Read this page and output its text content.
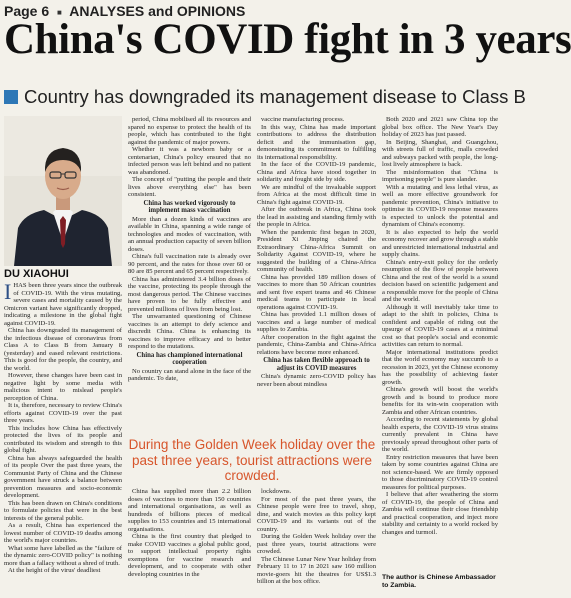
Page 6 ■ ANALYSES and OPINIONS
China's COVID fight in 3 years
Country has downgraded its management disease to Class B
DU XIAOHUI
I HAS been three years since the outbreak of COVID-19. With the virus mutating, severe cases and mortality caused by the Omicron variant have significantly dropped, indicating a milestone in the global fight against COVID-19.

China has downgraded its management of the infectious disease of coronavirus from Class A to Class B from January 8 (yesterday) and eased relevant restrictions. This is good for the people, the country, and the world.

However, these changes have been cast in negative light by some media with malicious intent to mislead people's perception of China.

It is, therefore, necessary to review China's efforts against COVID-19 over the past three years.

This includes how China has effectively protected the lives of its people and contributed its wisdom and strength to this global fight.

China has always safeguarded the health of its people Over the past three years, the Communist Party of China and the Chinese government have struck a balance between prevention measures and socio-economic development.

This has been drawn on China's conditions to formulate policies that were in the best interests of the general public.

As a result, China has experienced the lowest number of COVID-19 deaths among the world's major countries.

What some have labelled as the "failure of the dynamic zero-COVID policy" is nothing more than a fallacy without a shred of truth.

At the height of the virus' deadliest

period, China mobilised all its resources and spared no expense to protect the health of its people, which has contributed to the fight against the pandemic of major powers.

Whether it was a newborn baby or a centenarian, China's policy ensured that no infected person was left behind and no patient was abandoned.

The concept of "putting the people and their lives above everything else" has been consistent.

China has worked vigorously to implement mass vaccination

More than a dozen kinds of vaccines are available in China, spanning a wide range of technologies and modes of vaccination, with an annual production capacity of seven billion doses.

China's full vaccination rate is already over 90 percent, and the rates for those over 60 or 80 are 85 percent and 65 percent respectively.

China has administered 3.4 billion doses of the vaccine, protecting its people through the most dangerous period. The Chinese vaccines have proven to be fully effective and prevented millions of lives from being lost.

The unwarranted questioning of Chinese vaccines is an attempt to defy science and discredit China. China is enhancing its vaccines to improve efficacy and to better respond to the mutations.

China has championed international cooperation

No country can stand alone in the face of the pandemic. To date,

vaccine manufacturing process.

In this way, China has made important contributions to address the distribution deficit and the immunisation gap, demonstrating its commitment to fulfilling its international responsibility.

In the face of the COVID-19 pandemic, China and Africa have stood together in solidarity and fought side by side.

We are mindful of the invaluable support from Africa at the most difficult time in China's fight against COVID-19.

After the outbreak in Africa, China took the lead in assisting and standing firmly with the people in Africa.

When the pandemic first began in 2020, President Xi Jinping chaired the Extraordinary China-Africa Summit on Solidarity Against COVID-19, where he suggested the building of a China-Africa community of health.

China has provided 189 million doses of vaccines to more than 50 African countries and sent five expert teams and 46 Chinese medical teams to participate in local operations against COVID-19.

China has provided 1.1 million doses of vaccines and a large number of medical supplies to Zambia.

After cooperation in the fight against the pandemic, China-Zambia and China-Africa relations have become more enhanced.

China has taken flexible approach to adjust its COVID measures

China's dynamic zero-COVID policy has never been about mindless

Both 2020 and 2021 saw China top the global box office. The New Year's Day holiday of 2023 has just passed.

In Beijing, Shanghai, and Guangzhou, with streets full of traffic, malls crowded and subways packed with people, the long-lost lively atmosphere is back.

The misinformation that "China is imprisoning people" is pure slander.

With a mutating and less lethal virus, as well as more effective groundwork for pandemic prevention, China's initiative to optimise its COVID-19 response measures is expected to unlock the potential and dynamism of China's economy.

It is also expected to help the world economy recover and grow through a stable and unrestricted international industrial and supply chains.

China's entry-exit policy for the orderly resumption of the flow of people between China and the rest of the world is a sound decision based on scientific judgement and a responsible move for the people of China and the world.

Although it will inevitably take time to adapt to the shift in policies, China is confident and capable of riding out the upsurge of COVID-19 cases at a minimal cost so that people's social and economic activities can return to normal.

Major international institutions predict that the world economy may succumb to a recession in 2023, yet the Chinese economy has the possibility of achieving faster growth.

China's growth will boost the world's growth and is bound to produce more benefits for its win-win cooperation with Zambia and other African countries.

According to recent statements by global health experts, the COVID-19 virus strains currently prevalent in China have previously spread throughout other parts of the world.

Entry restriction measures that have been taken by some countries against China are not science-based. We are firmly opposed to those discriminatory COVID-19 control measures for political purposes.

I believe that after weathering the storm of COVID-19, the people of China and Zambia will continue their close friendship and practical cooperation, and inject more stability and certainty to a world rocked by changes and turmoil.

During the Golden Week holiday over the past three years, tourist attractions were crowded.

China has supplied more than 2.2 billion doses of vaccines to more than 150 countries and international organisations, as well as hundreds of billions pieces of medical supplies to 153 countries and 15 international organisations.

China is the first country that pledged to make COVID vaccines a global public good, to support intellectual property rights exemptions for vaccine research and development, and to cooperate with other developing countries in the

lockdowns.

For most of the past three years, the Chinese people were free to travel, shop, dine, and watch movies as this policy kept COVID-19 and its variants out of the country.

During the Golden Week holiday over the past three years, tourist attractions were crowded.

The Chinese Lunar New Year holiday from February 11 to 17 in 2021 saw 160 million movie-goers hit the theatres for US$1.3 billion at the box office.

The author is Chinese Ambassador to Zambia.
